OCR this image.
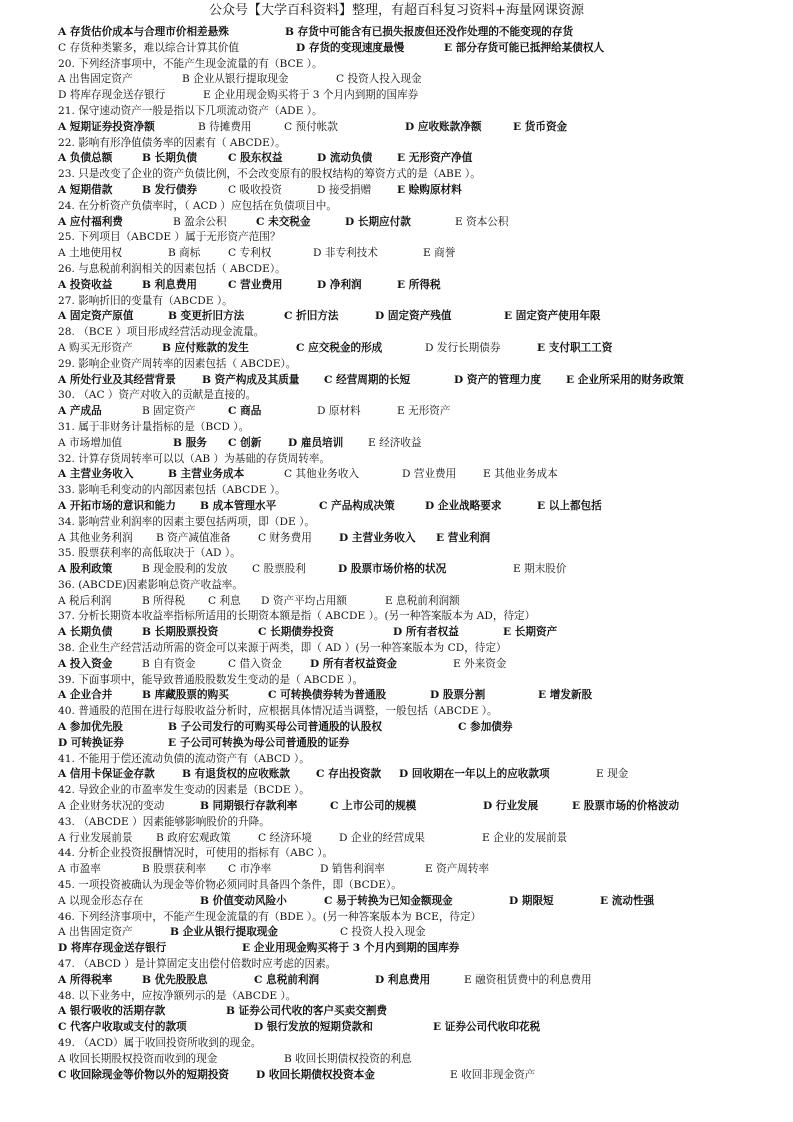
公众号【大学百科资料】整理，有超百科复习资料+海量网课资源
A 存货估价成本与合理市价相差悬殊	B 存货中可能含有已损失报废但还没作处理的不能变现的存货
C 存货种类繁多，难以综合计算其价值	D 存货的变现速度最慢	E 部分存货可能已抵押给某债权人
20. 下列经济事项中，不能产生现金流量的有（BCE ）。
A 出售固定资产	B 企业从银行提取现金	C 投资人投入现金
D 将库存现金送存银行	E 企业用现金购买将于 3 个月内到期的国库券
21. 保守速动资产一般是指以下几项流动资产（ADE ）。
A 短期证券投资净额	B 待摊费用	C 预付帐款	D 应收账款净额	E 货币资金
22. 影响有形净值债务率的因素有（ ABCDE）。
A 负债总额	B 长期负债	C 股东权益	D 流动负债 E 无形资产净值
23. 只是改变了企业的资产负债比例，不会改变原有的股权结构的筹资方式的是（ABE ）。
A 短期借款	B 发行债券	C 吸收投资	D 接受捐赠 E 赊购原材料
24. 在分析资产负债率时，（ ACD ）应包括在负债项目中。
A 应付福利费	B 盈余公积	C 未交税金	D 长期应付款	E 资本公积
25. 下列项目（ABCDE ）属于无形资产范围？
A 土地使用权	B 商标	C 专利权	D 非专利技术	E 商誉
26. 与息税前利润相关的因素包括（ ABCDE）。
A 投资收益	B 利息费用	C 营业费用	D 净利润	E 所得税
27. 影响折旧的变量有（ABCDE ）。
A 固定资产原值	B 变更折旧方法	C 折旧方法	D 固定资产残值	E 固定资产使用年限
28. （BCE ）项目形成经营活动现金流量。
A 购买无形资产	B 应付账款的发生	C 应交税金的形成	D 发行长期债券	E 支付职工工资
29. 影响企业资产周转率的因素包括（ ABCDE）。
A 所处行业及其经营背景 B 资产构成及其质量 C 经营周期的长短	D 资产的管理力度 E 企业所采用的财务政策
30. （AC ）资产对收入的贡献是直接的。
A 产成品	B 固定资产	C 商品	D 原材料	E 无形资产
31. 属于非财务计量指标的是（BCD ）。
A 市场增加值	B 服务 C 创新	D 雇员培训 E 经济收益
32. 计算存货周转率可以以（AB ）为基础的存货周转率。
A 主营业务收入	B 主营业务成本	C 其他业务收入	D 营业费用	E 其他业务成本
33. 影响毛利变动的内部因素包括（ABCDE ）。
A 开拓市场的意识和能力 B 成本管理水平	C 产品构成决策	D 企业战略要求	E 以上都包括
34. 影响营业利润率的因素主要包括两项，即（DE ）。
A 其他业务利润 B 资产减值准备	C 财务费用	D 主营业务收入 E 营业利润
35. 股票获利率的高低取决于（AD ）。
A 股利政策	B 现金股利的发放 C 股票股利	D 股票市场价格的状况	E 期末股价
36. (ABCDE)因素影响总资产收益率。
A 税后利润	B 所得税 C 利息 D 资产平均占用额	E 息税前利润额
37. 分析长期资本收益率指标所适用的长期资本额是指（ ABCDE ）。(另一种答案版本为 AD，待定）
A 长期负债	B 长期股票投资	C 长期债券投资	D 所有者权益	E 长期资产
38. 企业生产经营活动所需的资金可以来源于两类，即（ AD ）(另一种答案版本为 CD，待定）
A 投入资金	B 自有资金	C 借入资金	D 所有者权益资金	E 外来资金
39. 下面事项中，能导致普通股股数发生变动的是（ ABCDE ）。
A 企业合并	B 库藏股票的购买	C 可转换债券转为普通股	D 股票分割	E 增发新股
40. 普通股的范围在进行每股收益分析时，应根据具体情况适当调整，一般包括（ABCDE ）。
A 参加优先股	B 子公司发行的可购买母公司普通股的认股权	C 参加债券
D 可转换证券	E 子公司可转换为母公司普通股的证券
41. 不能用于偿还流动负债的流动资产有（ABCD ）。
A 信用卡保证金存款	B 有退货权的应收账款 C 存出投资款 D 回收期在一年以上的应收款项	E 现金
42. 导致企业的市盈率发生变动的因素是（BCDE ）。
A 企业财务状况的变动	B 同期银行存款利率	C 上市公司的规模	D 行业发展	E 股票市场的价格波动
43. （ABCDE ）因素能够影响股价的升降。
A 行业发展前景 B 政府宏观政策	C 经济环境	D 企业的经营成果	E 企业的发展前景
44. 分析企业投资报酬情况时，可使用的指标有（ABC ）。
A 市盈率	B 股票获利率 C 市净率	D 销售利润率	E 资产周转率
45. 一项投资被确认为现金等价物必须同时具备四个条件，即（BCDE）。
A 以现金形态存在	B 价值变动风险小	C 易于转换为已知金额现金	D 期限短	E 流动性强
46. 下列经济事项中，不能产生现金流量的有（BDE ）。(另一种答案版本为 BCE，待定）
A 出售固定资产	B 企业从银行提取现金	C 投资人投入现金
D 将库存现金送存银行	E 企业用现金购买将于 3 个月内到期的国库券
47. （ABCD ）是计算固定支出偿付倍数时应考虑的因素。
A 所得税率	B 优先股股息	C 息税前利润	D 利息费用	E 融资租赁费中的利息费用
48. 以下业务中，应按净额列示的是（ABCDE ）。
A 银行吸收的活期存款	B 证券公司代收的客户买卖交割费
C 代客户收取或支付的款项	D 银行发放的短期贷款和	E 证券公司代收印花税
49. （ACD）属于收回投资所收到的现金。
A 收回长期股权投资而收到的现金	B 收回长期债权投资的利息
C 收回除现金等价物以外的短期投资	D 收回长期债权投资本金	E 收回非现金资产
